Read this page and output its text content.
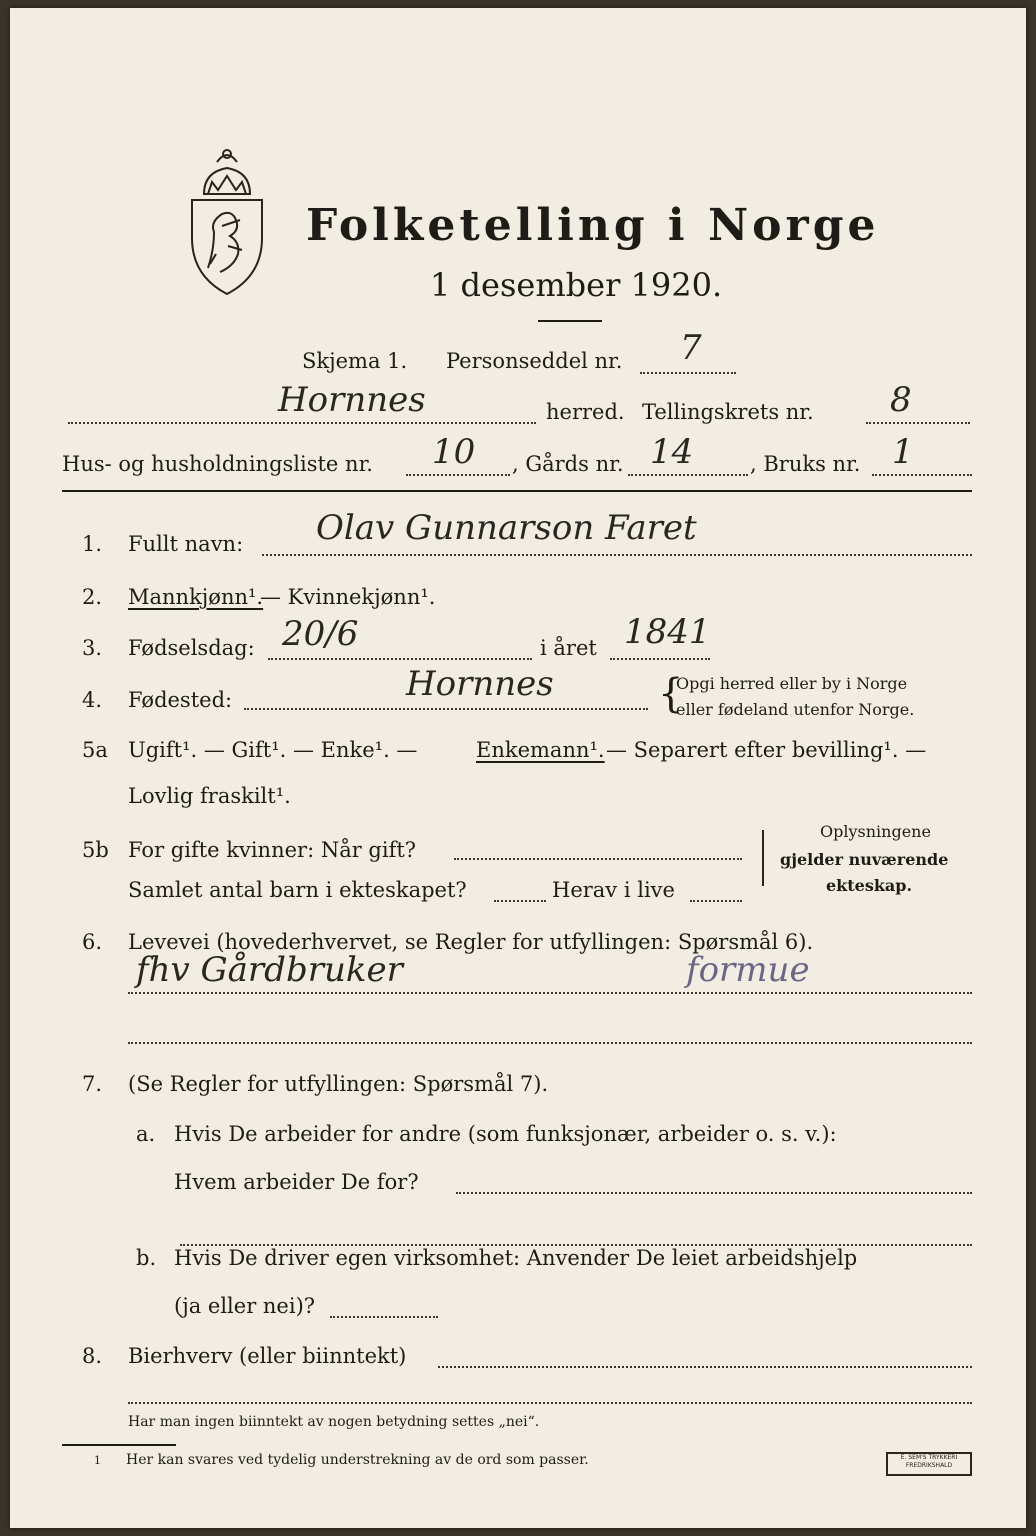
Folketelling i Norge
1 desember 1920.
Skjema 1. Personseddel nr. 7
Hornnes	herred. Tellingskrets nr. 8
Hus- og husholdningsliste nr. 10 , Gårds nr. 14	, Bruks nr. 1
1. Fullt navn: Olav Gunnarson Faret
2. Mannkjønn¹.
— Kvinnekjønn¹.
3. Fødselsdag: 20/6	i året 1841
4. Fødested:	Hornnes	{
Opgi herred eller by i Norge
eller fødeland utenfor Norge.
5a Ugift¹. — Gift¹. — Enke¹. —	Enkemann¹. — Separert efter bevilling¹. —
Lovlig fraskilt¹.
5b For gifte kvinner: Når gift?
Samlet antal barn i ekteskapet?	Herav i live
Oplysningene
gjelder nuværende
ekteskap.
6. Levevei (hovederhvervet, se Regler for utfyllingen: Spørsmål 6).
fhv Gårdbruker	formue
7. (Se Regler for utfyllingen: Spørsmål 7).
a. Hvis De arbeider for andre (som funksjonær, arbeider o. s. v.):
Hvem arbeider De for?
b. Hvis De driver egen virksomhet: Anvender De leiet arbeidshjelp
(ja eller nei)?
8. Bierhverv (eller biinntekt)
Har man ingen biinntekt av nogen betydning settes „nei“.
1 Her kan svares ved tydelig understrekning av de ord som passer.	E. SEM'S TRYKKERI
FREDRIKSHALD
